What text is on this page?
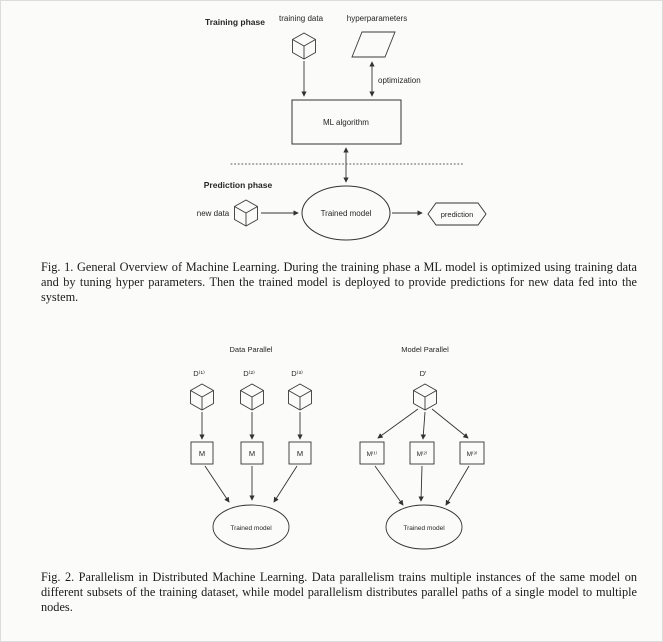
Training phase training data	hyperparameters
optimization
ML algorithm
Prediction phase
new data	Trained model	prediction

Fig. 1. General Overview of Machine Learning. During the training phase a ML model is optimized using training data and by tuning hyper parameters. Then the trained model is deployed to provide predictions for new data fed into the system.

Data Parallel	Model Parallel
D⁽¹⁾	D⁽²⁾	D⁽³⁾
M	M	M
Trained model
D'
M⁽¹⁾	M⁽²⁾	M⁽³⁾
Trained model

Fig. 2. Parallelism in Distributed Machine Learning. Data parallelism trains multiple instances of the same model on different subsets of the training dataset, while model parallelism distributes parallel paths of a single model to multiple nodes.
